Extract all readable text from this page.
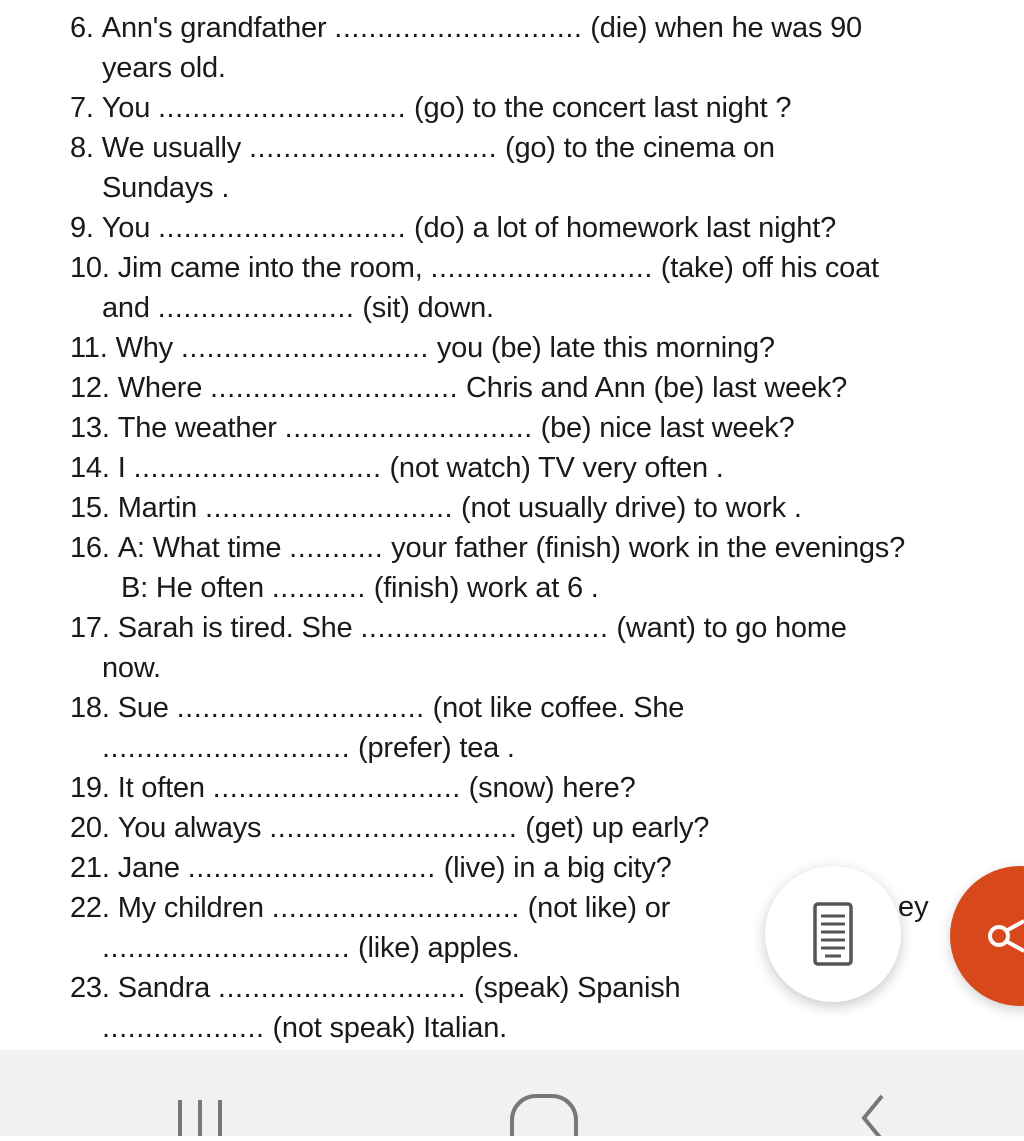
6. Ann's grandfather ............................. (die) when he was 90
years old.
7. You ............................. (go) to the concert last night ?
8. We usually ............................. (go) to the cinema on
Sundays .
9. You ............................. (do) a lot of homework last night?
10. Jim came into the room, .......................... (take) off his coat
and ....................... (sit) down.
11. Why ............................. you (be) late this morning?
12. Where ............................. Chris and Ann (be) last week?
13. The weather ............................. (be) nice last week?
14. I ............................. (not watch) TV very often .
15. Martin ............................. (not usually drive) to work .
16. A: What time ........... your father (finish) work in the evenings?
B: He often ........... (finish) work at 6 .
17. Sarah is tired. She ............................. (want) to go home
now.
18. Sue ............................. (not like coffee. She
............................. (prefer) tea .
19. It often ............................. (snow) here?
20. You always ............................. (get) up early?
21. Jane ............................. (live) in a big city?
22. My children ............................. (not like) or
............................. (like) apples.
23. Sandra ............................. (speak) Spanish
................... (not speak) Italian.
ey
